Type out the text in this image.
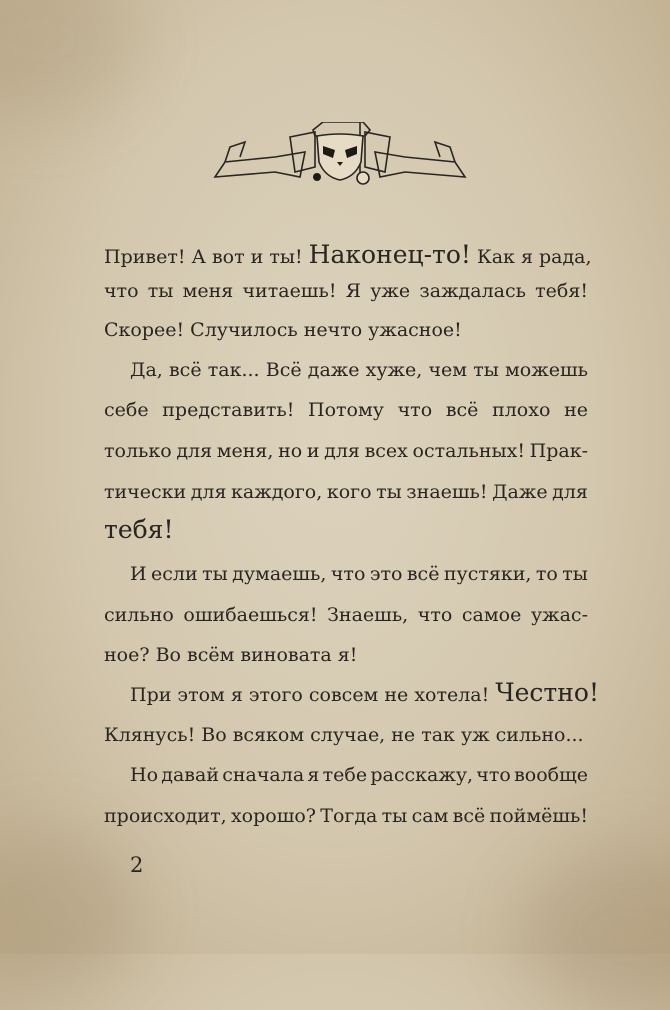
Привет! А вот и ты! Наконец-то! Как я рада,
что ты меня читаешь! Я уже заждалась тебя!
Скорее! Случилось нечто ужасное!
Да, всё так... Всё даже хуже, чем ты можешь
себе представить! Потому что всё плохо не
только для меня, но и для всех остальных! Прак-
тически для каждого, кого ты знаешь! Даже для
тебя!
И если ты думаешь, что это всё пустяки, то ты
сильно ошибаешься! Знаешь, что самое ужас-
ное? Во всём виновата я!
При этом я этого совсем не хотела! Честно!
Клянусь! Во всяком случае, не так уж сильно...
Но давай сначала я тебе расскажу, что вообще
происходит, хорошо? Тогда ты сам всё поймёшь!
2
